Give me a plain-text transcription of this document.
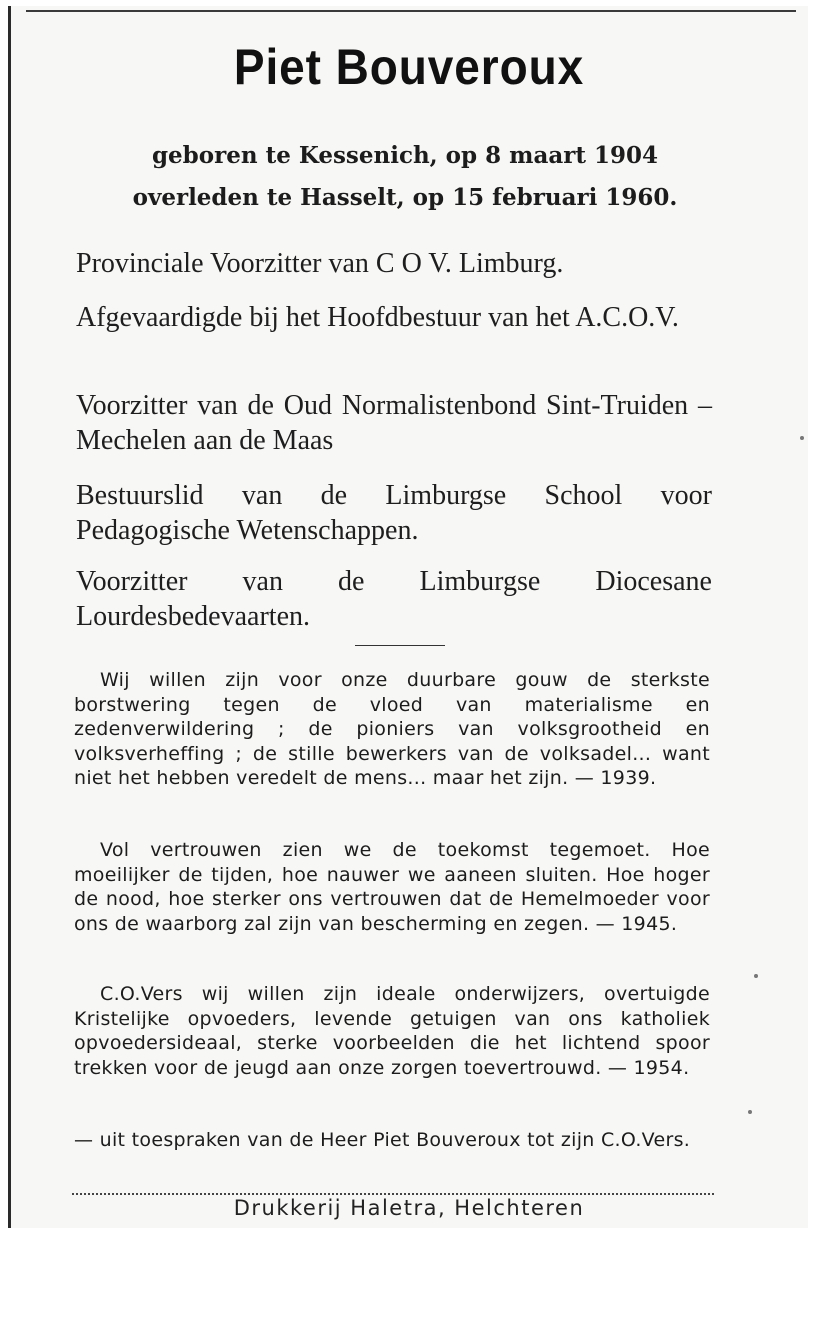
Piet Bouveroux
geboren te Kessenich, op 8 maart 1904
overleden te Hasselt, op 15 februari 1960.
Provinciale Voorzitter van C O V. Limburg.
Afgevaardigde bij het Hoofdbestuur van het A.C.O.V.
Voorzitter van de Oud Normalistenbond Sint-Truiden – Mechelen aan de Maas
Bestuurslid van de Limburgse School voor Pedagogische Wetenschappen.
Voorzitter van de Limburgse Diocesane Lourdesbedevaarten.
Wij willen zijn voor onze duurbare gouw de sterkste borstwering tegen de vloed van materialisme en zedenverwildering ; de pioniers van volksgrootheid en volksverheffing ; de stille bewerkers van de volksadel... want niet het hebben veredelt de mens... maar het zijn. — 1939.
Vol vertrouwen zien we de toekomst tegemoet. Hoe moeilijker de tijden, hoe nauwer we aaneen sluiten. Hoe hoger de nood, hoe sterker ons vertrouwen dat de Hemelmoeder voor ons de waarborg zal zijn van bescherming en zegen. — 1945.
C.O.Vers wij willen zijn ideale onderwijzers, overtuigde Kristelijke opvoeders, levende getuigen van ons katholiek opvoedersideaal, sterke voorbeelden die het lichtend spoor trekken voor de jeugd aan onze zorgen toevertrouwd. — 1954.
— uit toespraken van de Heer Piet Bouveroux tot zijn C.O.Vers.
Drukkerij Haletra, Helchteren
